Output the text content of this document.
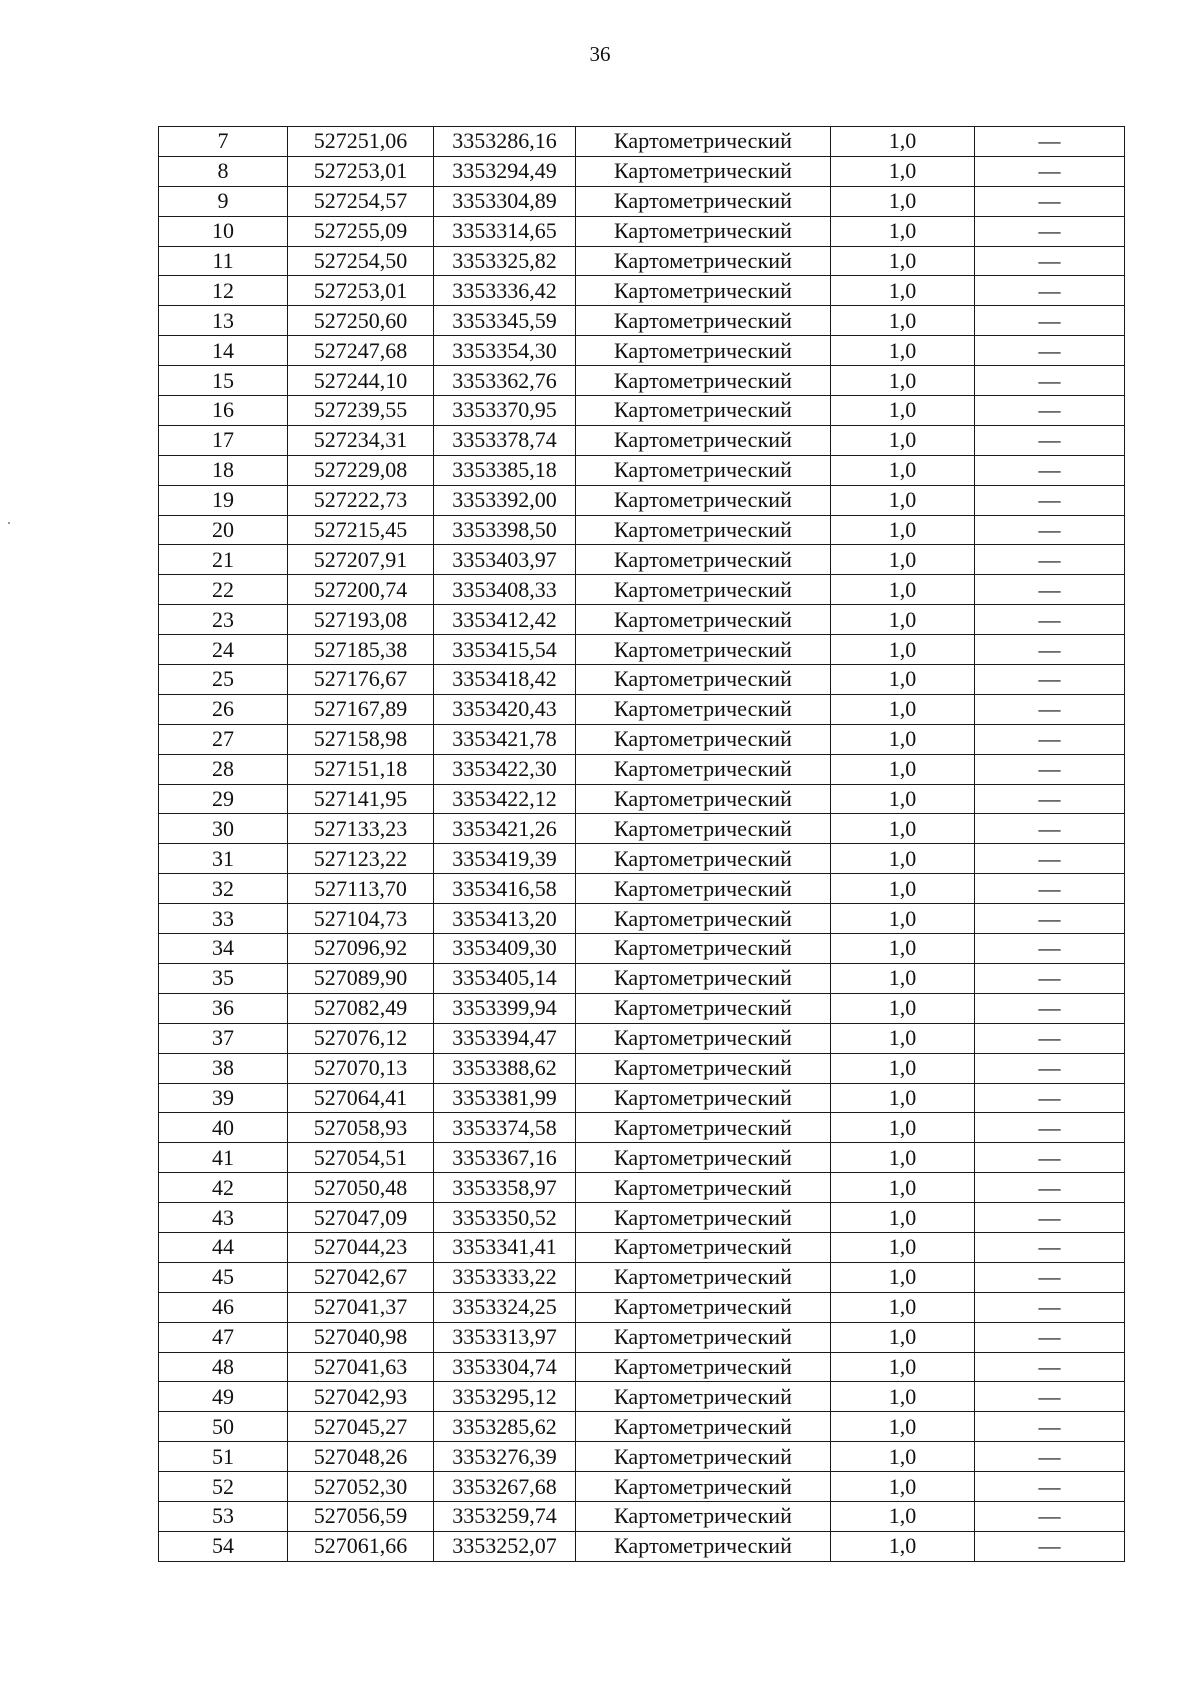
36
7	527251,06	3353286,16	Картометрический	1,0	—
8	527253,01	3353294,49	Картометрический	1,0	—
9	527254,57	3353304,89	Картометрический	1,0	—
10	527255,09	3353314,65	Картометрический	1,0	—
11	527254,50	3353325,82	Картометрический	1,0	—
12	527253,01	3353336,42	Картометрический	1,0	—
13	527250,60	3353345,59	Картометрический	1,0	—
14	527247,68	3353354,30	Картометрический	1,0	—
15	527244,10	3353362,76	Картометрический	1,0	—
16	527239,55	3353370,95	Картометрический	1,0	—
17	527234,31	3353378,74	Картометрический	1,0	—
18	527229,08	3353385,18	Картометрический	1,0	—
19	527222,73	3353392,00	Картометрический	1,0	—
20	527215,45	3353398,50	Картометрический	1,0	—
21	527207,91	3353403,97	Картометрический	1,0	—
22	527200,74	3353408,33	Картометрический	1,0	—
23	527193,08	3353412,42	Картометрический	1,0	—
24	527185,38	3353415,54	Картометрический	1,0	—
25	527176,67	3353418,42	Картометрический	1,0	—
26	527167,89	3353420,43	Картометрический	1,0	—
27	527158,98	3353421,78	Картометрический	1,0	—
28	527151,18	3353422,30	Картометрический	1,0	—
29	527141,95	3353422,12	Картометрический	1,0	—
30	527133,23	3353421,26	Картометрический	1,0	—
31	527123,22	3353419,39	Картометрический	1,0	—
32	527113,70	3353416,58	Картометрический	1,0	—
33	527104,73	3353413,20	Картометрический	1,0	—
34	527096,92	3353409,30	Картометрический	1,0	—
35	527089,90	3353405,14	Картометрический	1,0	—
36	527082,49	3353399,94	Картометрический	1,0	—
37	527076,12	3353394,47	Картометрический	1,0	—
38	527070,13	3353388,62	Картометрический	1,0	—
39	527064,41	3353381,99	Картометрический	1,0	—
40	527058,93	3353374,58	Картометрический	1,0	—
41	527054,51	3353367,16	Картометрический	1,0	—
42	527050,48	3353358,97	Картометрический	1,0	—
43	527047,09	3353350,52	Картометрический	1,0	—
44	527044,23	3353341,41	Картометрический	1,0	—
45	527042,67	3353333,22	Картометрический	1,0	—
46	527041,37	3353324,25	Картометрический	1,0	—
47	527040,98	3353313,97	Картометрический	1,0	—
48	527041,63	3353304,74	Картометрический	1,0	—
49	527042,93	3353295,12	Картометрический	1,0	—
50	527045,27	3353285,62	Картометрический	1,0	—
51	527048,26	3353276,39	Картометрический	1,0	—
52	527052,30	3353267,68	Картометрический	1,0	—
53	527056,59	3353259,74	Картометрический	1,0	—
54	527061,66	3353252,07	Картометрический	1,0	—
